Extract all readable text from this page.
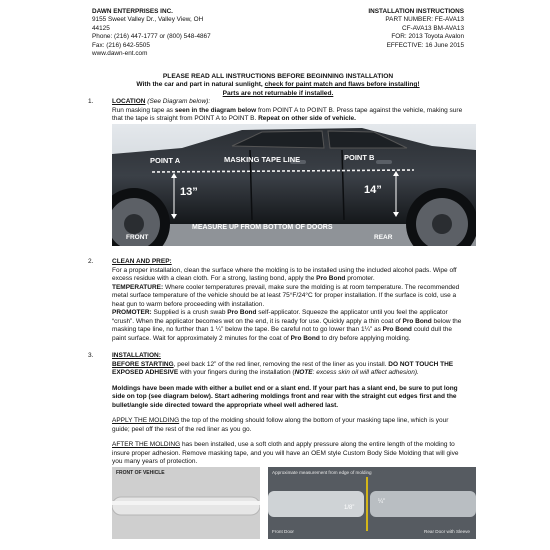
DAWN ENTERPRISES INC.
9155 Sweet Valley Dr., Valley View, OH
44125
Phone: (216) 447-1777 or (800) 548-4867
Fax: (216) 642-5505
www.dawn-ent.com
INSTALLATION INSTRUCTIONS
PART NUMBER: FE-AVA13
CF-AVA13 BM-AVA13
FOR: 2013 Toyota Avalon
EFFECTIVE: 16 June 2015
PLEASE READ ALL INSTRUCTIONS BEFORE BEGINNING INSTALLATION
With the car and part in natural sunlight, check for paint match and flaws before installing!
Parts are not returnable if installed.
1.	LOCATION (See Diagram below):

Run masking tape as seen in the diagram below from POINT A to POINT B. Press tape against the vehicle, making sure that the tape is straight from POINT A to POINT B. Repeat on other side of vehicle.

POINT A	MASKING TAPE LINE	POINT B
13”	14”
FRONT
MEASURE UP FROM BOTTOM OF DOORS
REAR
2.	CLEAN AND PREP:

For a proper installation, clean the surface where the molding is to be installed using the included alcohol pads. Wipe off excess residue with a clean cloth. For a strong, lasting bond, apply the Pro Bond promoter.

TEMPERATURE: Where cooler temperatures prevail, make sure the molding is at room temperature. The recommended metal surface temperature of the vehicle should be at least 75°F/24°C for proper installation. If the surface is cold, use a heat gun to warm before proceeding with installation.

PROMOTER: Supplied is a crush swab Pro Bond self-applicator. Squeeze the applicator until you feel the applicator “crush”. When the applicator becomes wet on the end, it is ready for use. Quickly apply a thin coat of Pro Bond below the masking tape line, no further than 1 ¼” below the tape. Be careful not to go lower than 1¼” as Pro Bond could dull the paint surface. Wait for approximately 2 minutes for the coat of Pro Bond to dry before applying molding.

3.	INSTALLATION:

BEFORE STARTING, peel back 12” of the red liner, removing the rest of the liner as you install. DO NOT TOUCH THE EXPOSED ADHESIVE with your fingers during the installation (NOTE: excess skin oil will affect adhesion).

Moldings have been made with either a bullet end or a slant end. If your part has a slant end, be sure to put long side on top (see diagram below). Start adhering moldings front and rear with the straight cut edges first and the bullet/angle side directed toward the appropriate wheel well adhered last.

APPLY THE MOLDING the top of the molding should follow along the bottom of your masking tape line, which is your guide; peel off the rest of the red liner as you go.

AFTER THE MOLDING has been installed, use a soft cloth and apply pressure along the entire length of the molding to insure proper adhesion. Remove masking tape, and you will have an OEM style Custom Body Side Molding that will give you many years of protection.

FRONT OF VEHICLE	Approximate measurement from edge of molding
Front Door	Rear Door with Sleeve
1/8”
¼”
